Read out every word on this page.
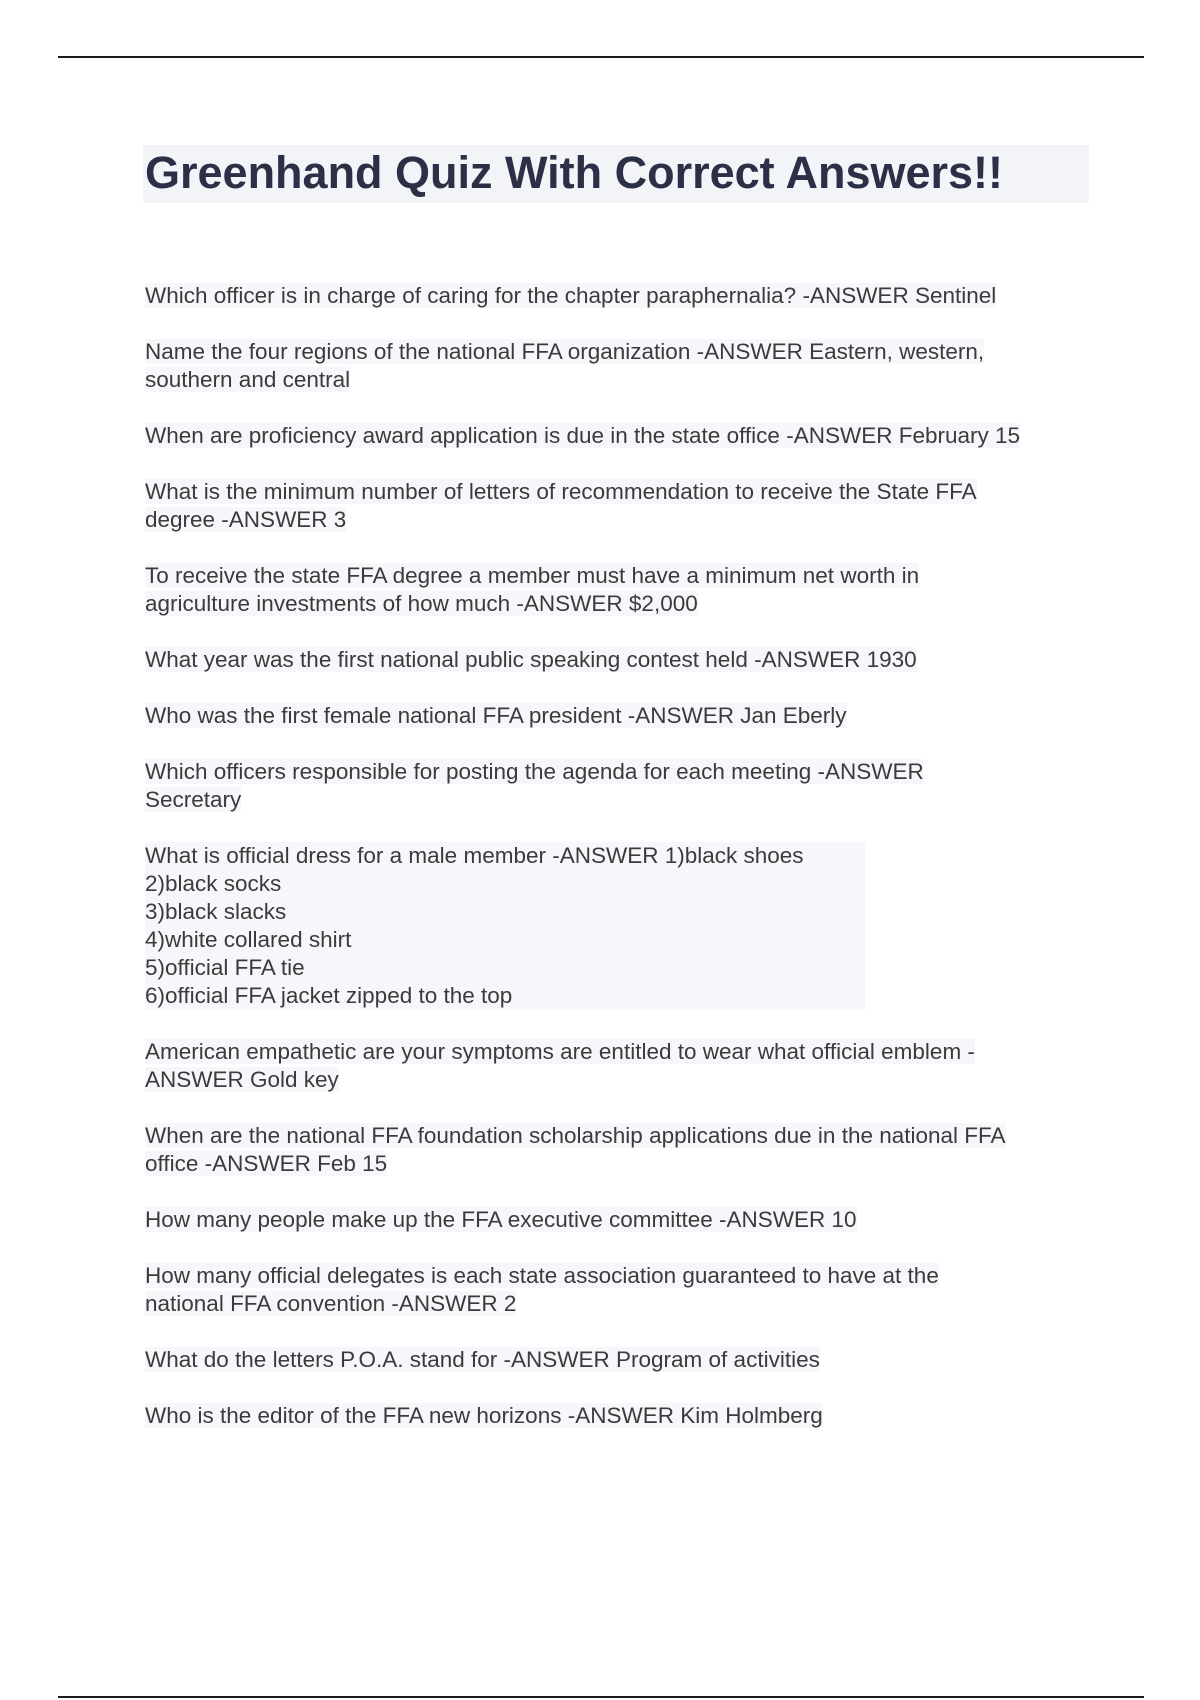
Greenhand Quiz With Correct Answers!!
Which officer is in charge of caring for the chapter paraphernalia? -ANSWER Sentinel
Name the four regions of the national FFA organization -ANSWER Eastern, western,
southern and central
When are proficiency award application is due in the state office -ANSWER February 15
What is the minimum number of letters of recommendation to receive the State FFA
degree -ANSWER 3
To receive the state FFA degree a member must have a minimum net worth in
agriculture investments of how much -ANSWER $2,000
What year was the first national public speaking contest held -ANSWER 1930
Who was the first female national FFA president -ANSWER Jan Eberly
Which officers responsible for posting the agenda for each meeting -ANSWER
Secretary
What is official dress for a male member -ANSWER 1)black shoes
2)black socks
3)black slacks
4)white collared shirt
5)official FFA tie
6)official FFA jacket zipped to the top
American empathetic are your symptoms are entitled to wear what official emblem -
ANSWER Gold key
When are the national FFA foundation scholarship applications due in the national FFA
office -ANSWER Feb 15
How many people make up the FFA executive committee -ANSWER 10
How many official delegates is each state association guaranteed to have at the
national FFA convention -ANSWER 2
What do the letters P.O.A. stand for -ANSWER Program of activities
Who is the editor of the FFA new horizons -ANSWER Kim Holmberg
